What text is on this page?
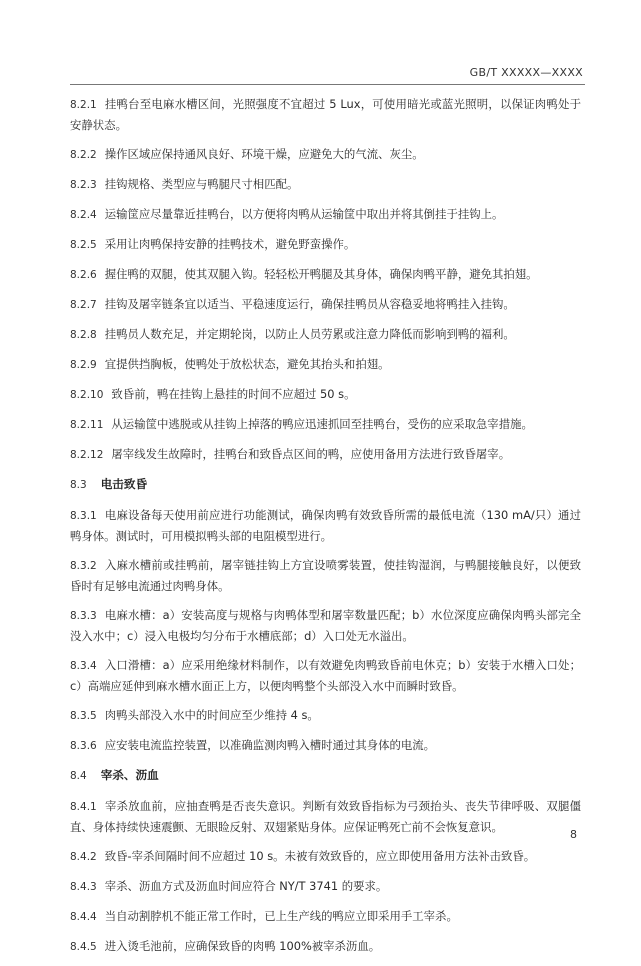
GB/T XXXXX—XXXX
8.2.1 挂鸭台至电麻水槽区间，光照强度不宜超过 5 Lux，可使用暗光或蓝光照明，以保证肉鸭处于安静状态。
8.2.2 操作区域应保持通风良好、环境干燥，应避免大的气流、灰尘。
8.2.3 挂钩规格、类型应与鸭腿尺寸相匹配。
8.2.4 运输筐应尽量靠近挂鸭台，以方便将肉鸭从运输筐中取出并将其倒挂于挂钩上。
8.2.5 采用让肉鸭保持安静的挂鸭技术，避免野蛮操作。
8.2.6 握住鸭的双腿，使其双腿入钩。轻轻松开鸭腿及其身体，确保肉鸭平静，避免其拍翅。
8.2.7 挂钩及屠宰链条宜以适当、平稳速度运行，确保挂鸭员从容稳妥地将鸭挂入挂钩。
8.2.8 挂鸭员人数充足，并定期轮岗，以防止人员劳累或注意力降低而影响到鸭的福利。
8.2.9 宜提供挡胸板，使鸭处于放松状态，避免其抬头和拍翅。
8.2.10 致昏前，鸭在挂钩上悬挂的时间不应超过 50 s。
8.2.11 从运输筐中逃脱或从挂钩上掉落的鸭应迅速抓回至挂鸭台，受伤的应采取急宰措施。
8.2.12 屠宰线发生故障时，挂鸭台和致昏点区间的鸭，应使用备用方法进行致昏屠宰。
8.3 电击致昏
8.3.1 电麻设备每天使用前应进行功能测试，确保肉鸭有效致昏所需的最低电流（130 mA/只）通过鸭身体。测试时，可用模拟鸭头部的电阻模型进行。
8.3.2 入麻水槽前或挂鸭前，屠宰链挂钩上方宜设喷雾装置，使挂钩湿润，与鸭腿接触良好，以便致昏时有足够电流通过肉鸭身体。
8.3.3 电麻水槽：a）安装高度与规格与肉鸭体型和屠宰数量匹配；b）水位深度应确保肉鸭头部完全没入水中；c）浸入电极均匀分布于水槽底部；d）入口处无水溢出。
8.3.4 入口滑槽：a）应采用绝缘材料制作，以有效避免肉鸭致昏前电休克；b）安装于水槽入口处；c）高端应延伸到麻水槽水面正上方，以便肉鸭整个头部没入水中而瞬时致昏。
8.3.5 肉鸭头部没入水中的时间应至少维持 4 s。
8.3.6 应安装电流监控装置，以准确监测肉鸭入槽时通过其身体的电流。
8.4 宰杀、沥血
8.4.1 宰杀放血前，应抽查鸭是否丧失意识。判断有效致昏指标为弓颈抬头、丧失节律呼吸、双腿僵直、身体持续快速震颤、无眼睑反射、双翅紧贴身体。应保证鸭死亡前不会恢复意识。
8.4.2 致昏-宰杀间隔时间不应超过 10 s。未被有效致昏的，应立即使用备用方法补击致昏。
8.4.3 宰杀、沥血方式及沥血时间应符合 NY/T 3741 的要求。
8.4.4 当自动割脖机不能正常工作时，已上生产线的鸭应立即采用手工宰杀。
8.4.5 进入烫毛池前，应确保致昏的肉鸭 100%被宰杀沥血。
8
